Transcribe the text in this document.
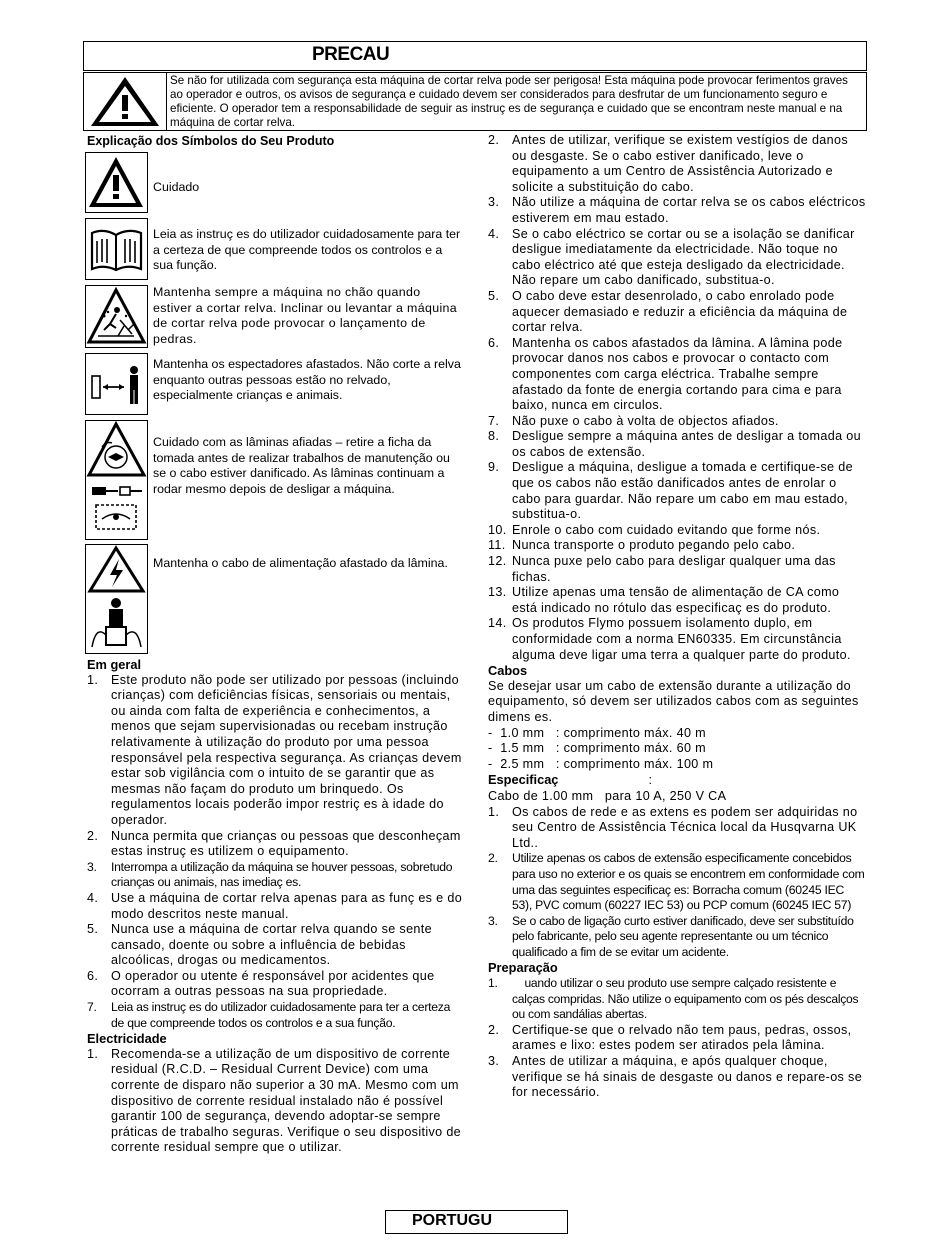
PRECAU
Se não for utilizada com segurança esta máquina de cortar relva pode ser perigosa! Esta máquina pode provocar ferimentos graves ao operador e outros, os avisos de segurança e cuidado devem ser considerados para desfrutar de um funcionamento seguro e eficiente. O operador tem a responsabilidade de seguir as instruç es de segurança e cuidado que se encontram neste manual e na máquina de cortar relva.
Explicação dos Símbolos do Seu Produto
Cuidado
Leia as instruç es do utilizador cuidadosamente para ter a certeza de que compreende todos os controlos e a sua função.
Mantenha sempre a máquina no chão quando estiver a cortar relva. Inclinar ou levantar a máquina de cortar relva pode provocar o lançamento de pedras.
Mantenha os espectadores afastados. Não corte a relva enquanto outras pessoas estão no relvado, especialmente crianças e animais.
Cuidado com as lâminas afiadas – retire a ficha da tomada antes de realizar trabalhos de manutenção ou se o cabo estiver danificado. As lâminas continuam a rodar mesmo depois de desligar a máquina.
Mantenha o cabo de alimentação afastado da lâmina.
Em geral
1. Este produto não pode ser utilizado por pessoas (incluindo crianças) com deficiências físicas, sensoriais ou mentais, ou ainda com falta de experiência e conhecimentos, a menos que sejam supervisionadas ou recebam instrução relativamente à utilização do produto por uma pessoa responsável pela respectiva segurança. As crianças devem estar sob vigilância com o intuito de se garantir que as mesmas não façam do produto um brinquedo. Os regulamentos locais poderão impor restriç es à idade do operador.
2. Nunca permita que crianças ou pessoas que desconheçam estas instruç es utilizem o equipamento.
3. Interrompa a utilização da máquina se houver pessoas, sobretudo crianças ou animais, nas imediaç es.
4. Use a máquina de cortar relva apenas para as funç es e do modo descritos neste manual.
5. Nunca use a máquina de cortar relva quando se sente cansado, doente ou sobre a influência de bebidas alcoólicas, drogas ou medicamentos.
6. O operador ou utente é responsável por acidentes que ocorram a outras pessoas na sua propriedade.
7. Leia as instruç es do utilizador cuidadosamente para ter a certeza de que compreende todos os controlos e a sua função.
Electricidade
1. Recomenda-se a utilização de um dispositivo de corrente residual (R.C.D. – Residual Current Device) com uma corrente de disparo não superior a 30 mA. Mesmo com um dispositivo de corrente residual instalado não é possível garantir 100 de segurança, devendo adoptar-se sempre práticas de trabalho seguras. Verifique o seu dispositivo de corrente residual sempre que o utilizar.
2. Antes de utilizar, verifique se existem vestígios de danos ou desgaste. Se o cabo estiver danificado, leve o equipamento a um Centro de Assistência Autorizado e solicite a substituição do cabo.
3. Não utilize a máquina de cortar relva se os cabos eléctricos estiverem em mau estado.
4. Se o cabo eléctrico se cortar ou se a isolação se danificar desligue imediatamente da electricidade. Não toque no cabo eléctrico até que esteja desligado da electricidade. Não repare um cabo danificado, substitua-o.
5. O cabo deve estar desenrolado, o cabo enrolado pode aquecer demasiado e reduzir a eficiência da máquina de cortar relva.
6. Mantenha os cabos afastados da lâmina. A lâmina pode provocar danos nos cabos e provocar o contacto com componentes com carga eléctrica. Trabalhe sempre afastado da fonte de energia cortando para cima e para baixo, nunca em circulos.
7. Não puxe o cabo à volta de objectos afiados.
8. Desligue sempre a máquina antes de desligar a tomada ou os cabos de extensão.
9. Desligue a máquina, desligue a tomada e certifique-se de que os cabos não estão danificados antes de enrolar o cabo para guardar. Não repare um cabo em mau estado, substitua-o.
10. Enrole o cabo com cuidado evitando que forme nós.
11. Nunca transporte o produto pegando pelo cabo.
12. Nunca puxe pelo cabo para desligar qualquer uma das fichas.
13. Utilize apenas uma tensão de alimentação de CA como está indicado no rótulo das especificaç es do produto.
14. Os produtos Flymo possuem isolamento duplo, em conformidade com a norma EN60335. Em circunstância alguma deve ligar uma terra a qualquer parte do produto.
Cabos
Se desejar usar um cabo de extensão durante a utilização do equipamento, só devem ser utilizados cabos com as seguintes dimens es.
-  1.0 mm   : comprimento máx. 40 m
-  1.5 mm   : comprimento máx. 60 m
-  2.5 mm   : comprimento máx. 100 m
Especificaç	:
Cabo de 1.00 mm   para 10 A, 250 V CA
1. Os cabos de rede e as extens es podem ser adquiridas no seu Centro de Assistência Técnica local da Husqvarna UK Ltd..
2. Utilize apenas os cabos de extensão especificamente concebidos para uso no exterior e os quais se encontrem em conformidade com uma das seguintes especificaç es: Borracha comum (60245 IEC 53), PVC comum (60227 IEC 53) ou PCP comum (60245 IEC 57)
3. Se o cabo de ligação curto estiver danificado, deve ser substituído pelo fabricante, pelo seu agente representante ou um técnico qualificado a fim de se evitar um acidente.
Preparação
1. uando utilizar o seu produto use sempre calçado resistente e calças compridas. Não utilize o equipamento com os pés descalços ou com sandálias abertas.
2. Certifique-se que o relvado não tem paus, pedras, ossos, arames e lixo: estes podem ser atirados pela lâmina.
3. Antes de utilizar a máquina, e após qualquer choque, verifique se há sinais de desgaste ou danos e repare-os se for necessário.
PORTUGU
